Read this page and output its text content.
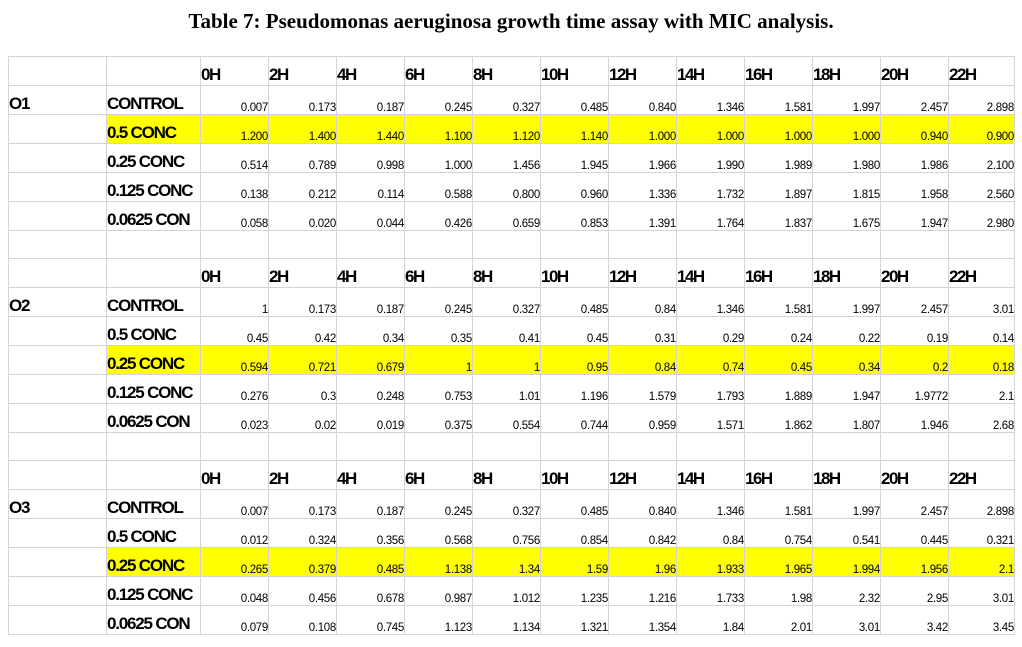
Table 7: Pseudomonas aeruginosa growth time assay with MIC analysis.
		0H	2H	4H	6H	8H	10H	12H	14H	16H	18H	20H	22H
O1	CONTROL	0.007	0.173	0.187	0.245	0.327	0.485	0.840	1.346	1.581	1.997	2.457	2.898
	0.5 CONC	1.200	1.400	1.440	1.100	1.120	1.140	1.000	1.000	1.000	1.000	0.940	0.900
	0.25 CONC	0.514	0.789	0.998	1.000	1.456	1.945	1.966	1.990	1.989	1.980	1.986	2.100
	0.125 CONC	0.138	0.212	0.114	0.588	0.800	0.960	1.336	1.732	1.897	1.815	1.958	2.560
	0.0625 CON	0.058	0.020	0.044	0.426	0.659	0.853	1.391	1.764	1.837	1.675	1.947	2.980

		0H	2H	4H	6H	8H	10H	12H	14H	16H	18H	20H	22H
O2	CONTROL	1	0.173	0.187	0.245	0.327	0.485	0.84	1.346	1.581	1.997	2.457	3.01
	0.5 CONC	0.45	0.42	0.34	0.35	0.41	0.45	0.31	0.29	0.24	0.22	0.19	0.14
	0.25 CONC	0.594	0.721	0.679	1	1	0.95	0.84	0.74	0.45	0.34	0.2	0.18
	0.125 CONC	0.276	0.3	0.248	0.753	1.01	1.196	1.579	1.793	1.889	1.947	1.9772	2.1
	0.0625 CON	0.023	0.02	0.019	0.375	0.554	0.744	0.959	1.571	1.862	1.807	1.946	2.68

		0H	2H	4H	6H	8H	10H	12H	14H	16H	18H	20H	22H
O3	CONTROL	0.007	0.173	0.187	0.245	0.327	0.485	0.840	1.346	1.581	1.997	2.457	2.898
	0.5 CONC	0.012	0.324	0.356	0.568	0.756	0.854	0.842	0.84	0.754	0.541	0.445	0.321
	0.25 CONC	0.265	0.379	0.485	1.138	1.34	1.59	1.96	1.933	1.965	1.994	1.956	2.1
	0.125 CONC	0.048	0.456	0.678	0.987	1.012	1.235	1.216	1.733	1.98	2.32	2.95	3.01
	0.0625 CON	0.079	0.108	0.745	1.123	1.134	1.321	1.354	1.84	2.01	3.01	3.42	3.45
